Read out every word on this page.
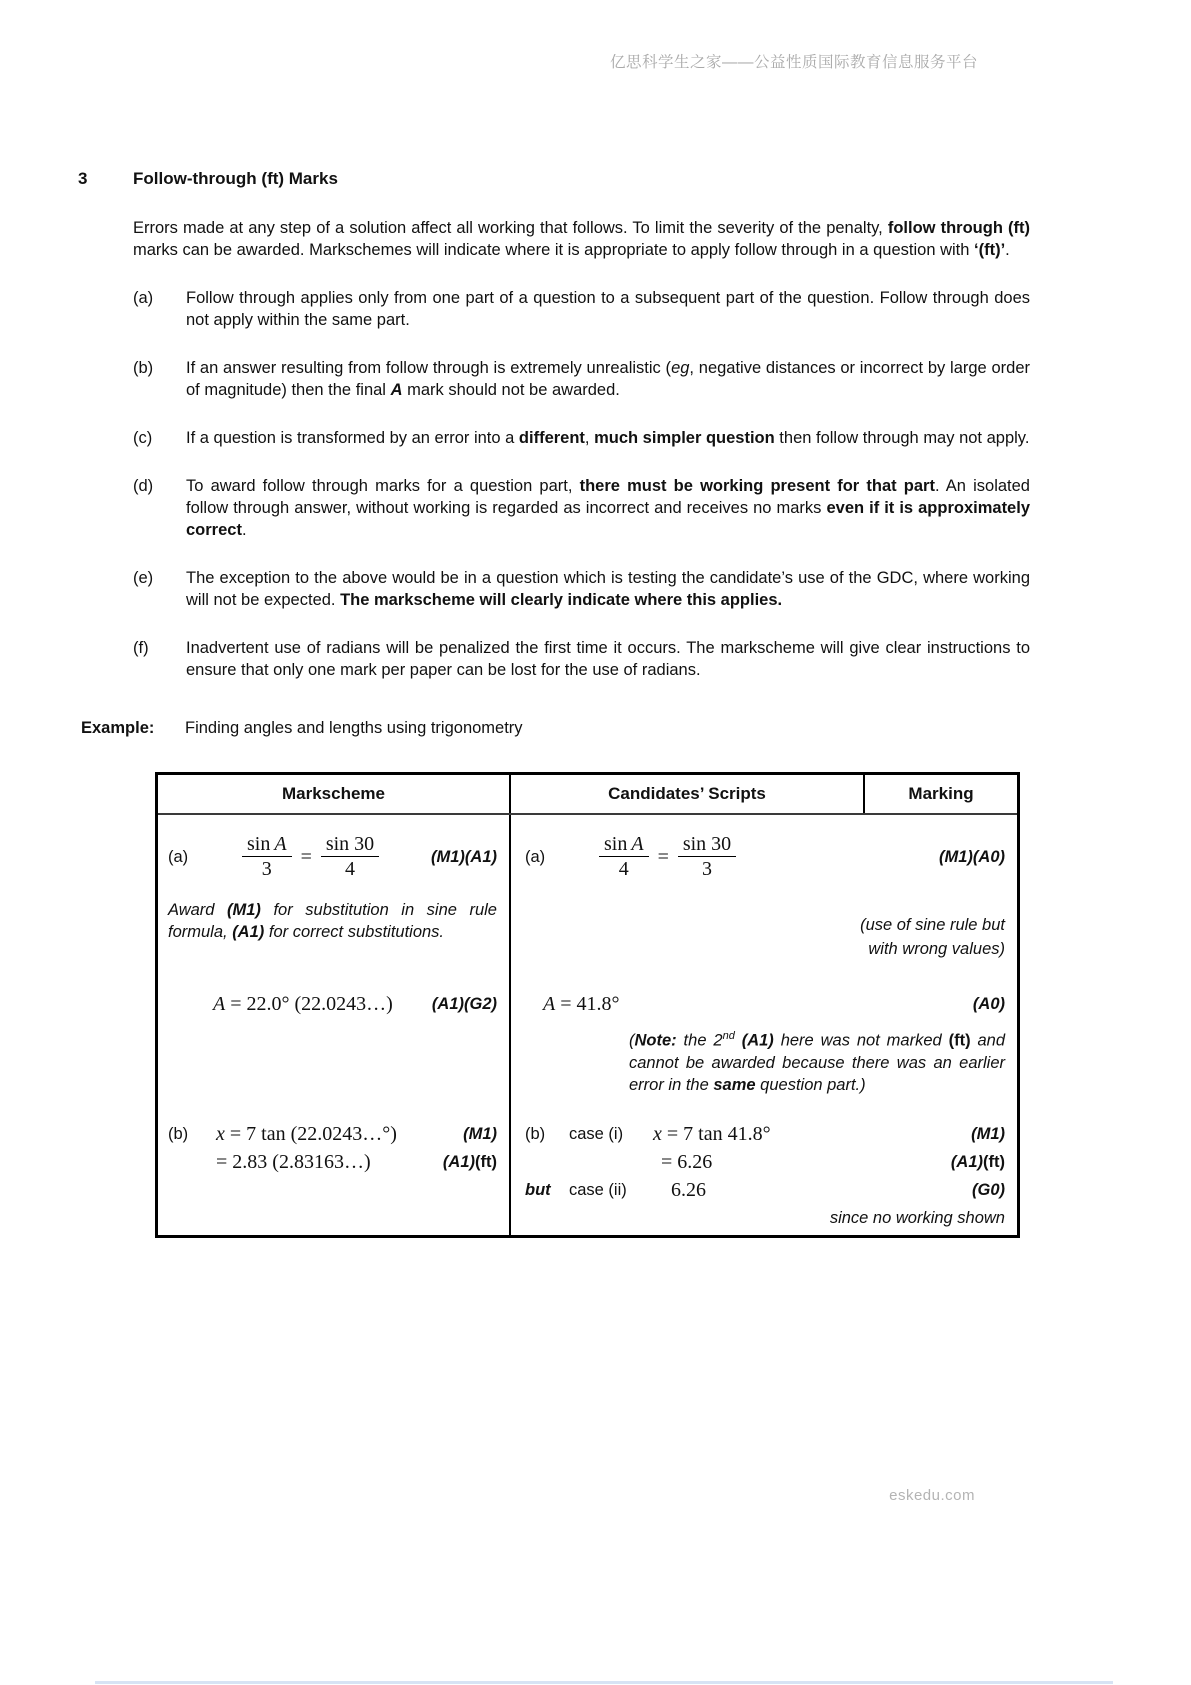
亿思科学生之家——公益性质国际教育信息服务平台
3	Follow-through (ft) Marks

Errors made at any step of a solution affect all working that follows. To limit the severity of the penalty, follow through (ft) marks can be awarded. Markschemes will indicate where it is appropriate to apply follow through in a question with ‘(ft)’.

(a)	Follow through applies only from one part of a question to a subsequent part of the question. Follow through does not apply within the same part.

(b)	If an answer resulting from follow through is extremely unrealistic (eg, negative distances or incorrect by large order of magnitude) then the final A mark should not be awarded.

(c)	If a question is transformed by an error into a different, much simpler question then follow through may not apply.

(d)	To award follow through marks for a question part, there must be working present for that part. An isolated follow through answer, without working is regarded as incorrect and receives no marks even if it is approximately correct.

(e)	The exception to the above would be in a question which is testing the candidate’s use of the GDC, where working will not be expected. The markscheme will clearly indicate where this applies.

(f)	Inadvertent use of radians will be penalized the first time it occurs. The markscheme will give clear instructions to ensure that only one mark per paper can be lost for the use of radians.

Example:	Finding angles and lengths using trigonometry
Markscheme	Candidates’ Scripts	Marking
(a)	$\frac{\text{sin A}}{3} = \frac{\sin 30}{4}$	(M1)(A1)

Award (M1) for substitution in sine rule formula, (A1) for correct substitutions.

A = 22.0° (22.0243…) (A1)(G2)
(b)	x = 7 tan (22.0243…°)	(M1)
= 2.83 (2.83163…)	(A1)(ft)
(a)	$\frac{\text{sin A}}{4} = \frac{\sin 30}{3}$	(M1)(A0)

(use of sine rule but
with wrong values)

A = 41.8°	(A0)

(Note: the 2nd (A1) here was not marked (ft) and cannot be awarded because there was an earlier error in the same question part.)

(b)	case (i)	x = 7 tan 41.8°	(M1)
= 6.26	(A1)(ft)
but	case (ii)	6.26	(G0)
since no working shown
eskedu.com
